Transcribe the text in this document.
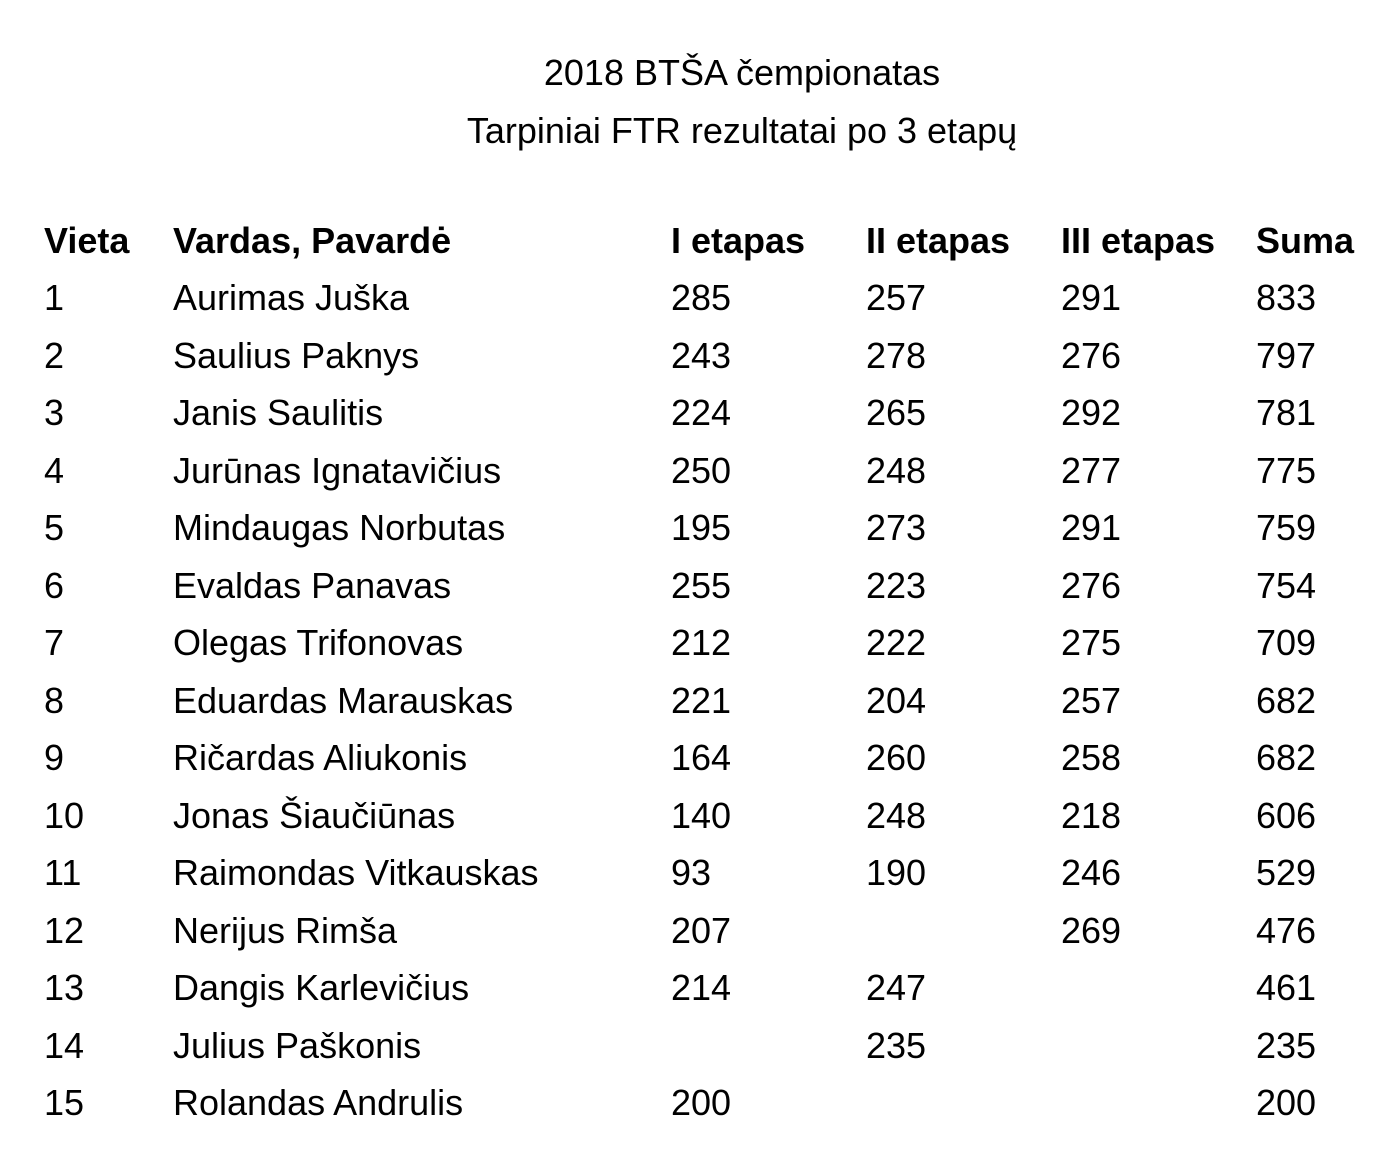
2018 BTŠA čempionatas
Tarpiniai FTR rezultatai po 3 etapų
Vieta	Vardas, Pavardė	I etapas	II etapas	III etapas	Suma
1	Aurimas Juška	285	257	291	833
2	Saulius Paknys	243	278	276	797
3	Janis Saulitis	224	265	292	781
4	Jurūnas Ignatavičius	250	248	277	775
5	Mindaugas Norbutas	195	273	291	759
6	Evaldas Panavas	255	223	276	754
7	Olegas Trifonovas	212	222	275	709
8	Eduardas Marauskas	221	204	257	682
9	Ričardas Aliukonis	164	260	258	682
10	Jonas Šiaučiūnas	140	248	218	606
11	Raimondas Vitkauskas	93	190	246	529
12	Nerijus Rimša	207		269	476
13	Dangis Karlevičius	214	247		461
14	Julius Paškonis		235		235
15	Rolandas Andrulis	200			200
